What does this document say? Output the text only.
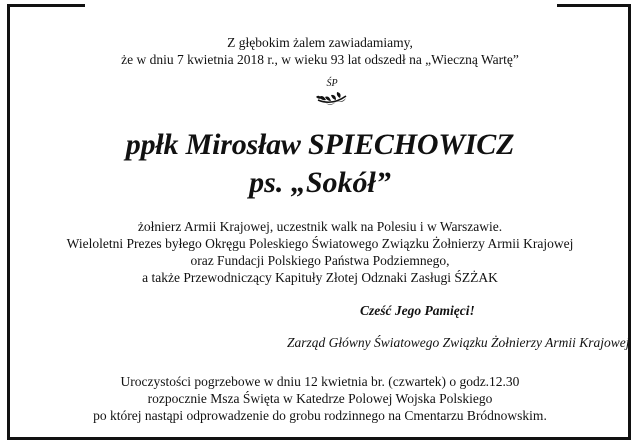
Z głębokim żalem zawiadamiamy,
że w dniu 7 kwietnia 2018 r., w wieku 93 lat odszedł na „Wieczną Wartę”
ŚP
ppłk Mirosław SPIECHOWICZ
ps. „Sokół”
żołnierz Armii Krajowej, uczestnik walk na Polesiu i w Warszawie.
Wieloletni Prezes byłego Okręgu Poleskiego Światowego Związku Żołnierzy Armii Krajowej
oraz Fundacji Polskiego Państwa Podziemnego,
a także Przewodniczący Kapituły Złotej Odznaki Zasługi ŚZŻAK
Cześć Jego Pamięci!
Zarząd Główny Światowego Związku Żołnierzy Armii Krajowej
Uroczystości pogrzebowe w dniu 12 kwietnia br. (czwartek) o godz.12.30
rozpocznie Msza Święta w Katedrze Polowej Wojska Polskiego
po której nastąpi odprowadzenie do grobu rodzinnego na Cmentarzu Bródnowskim.
